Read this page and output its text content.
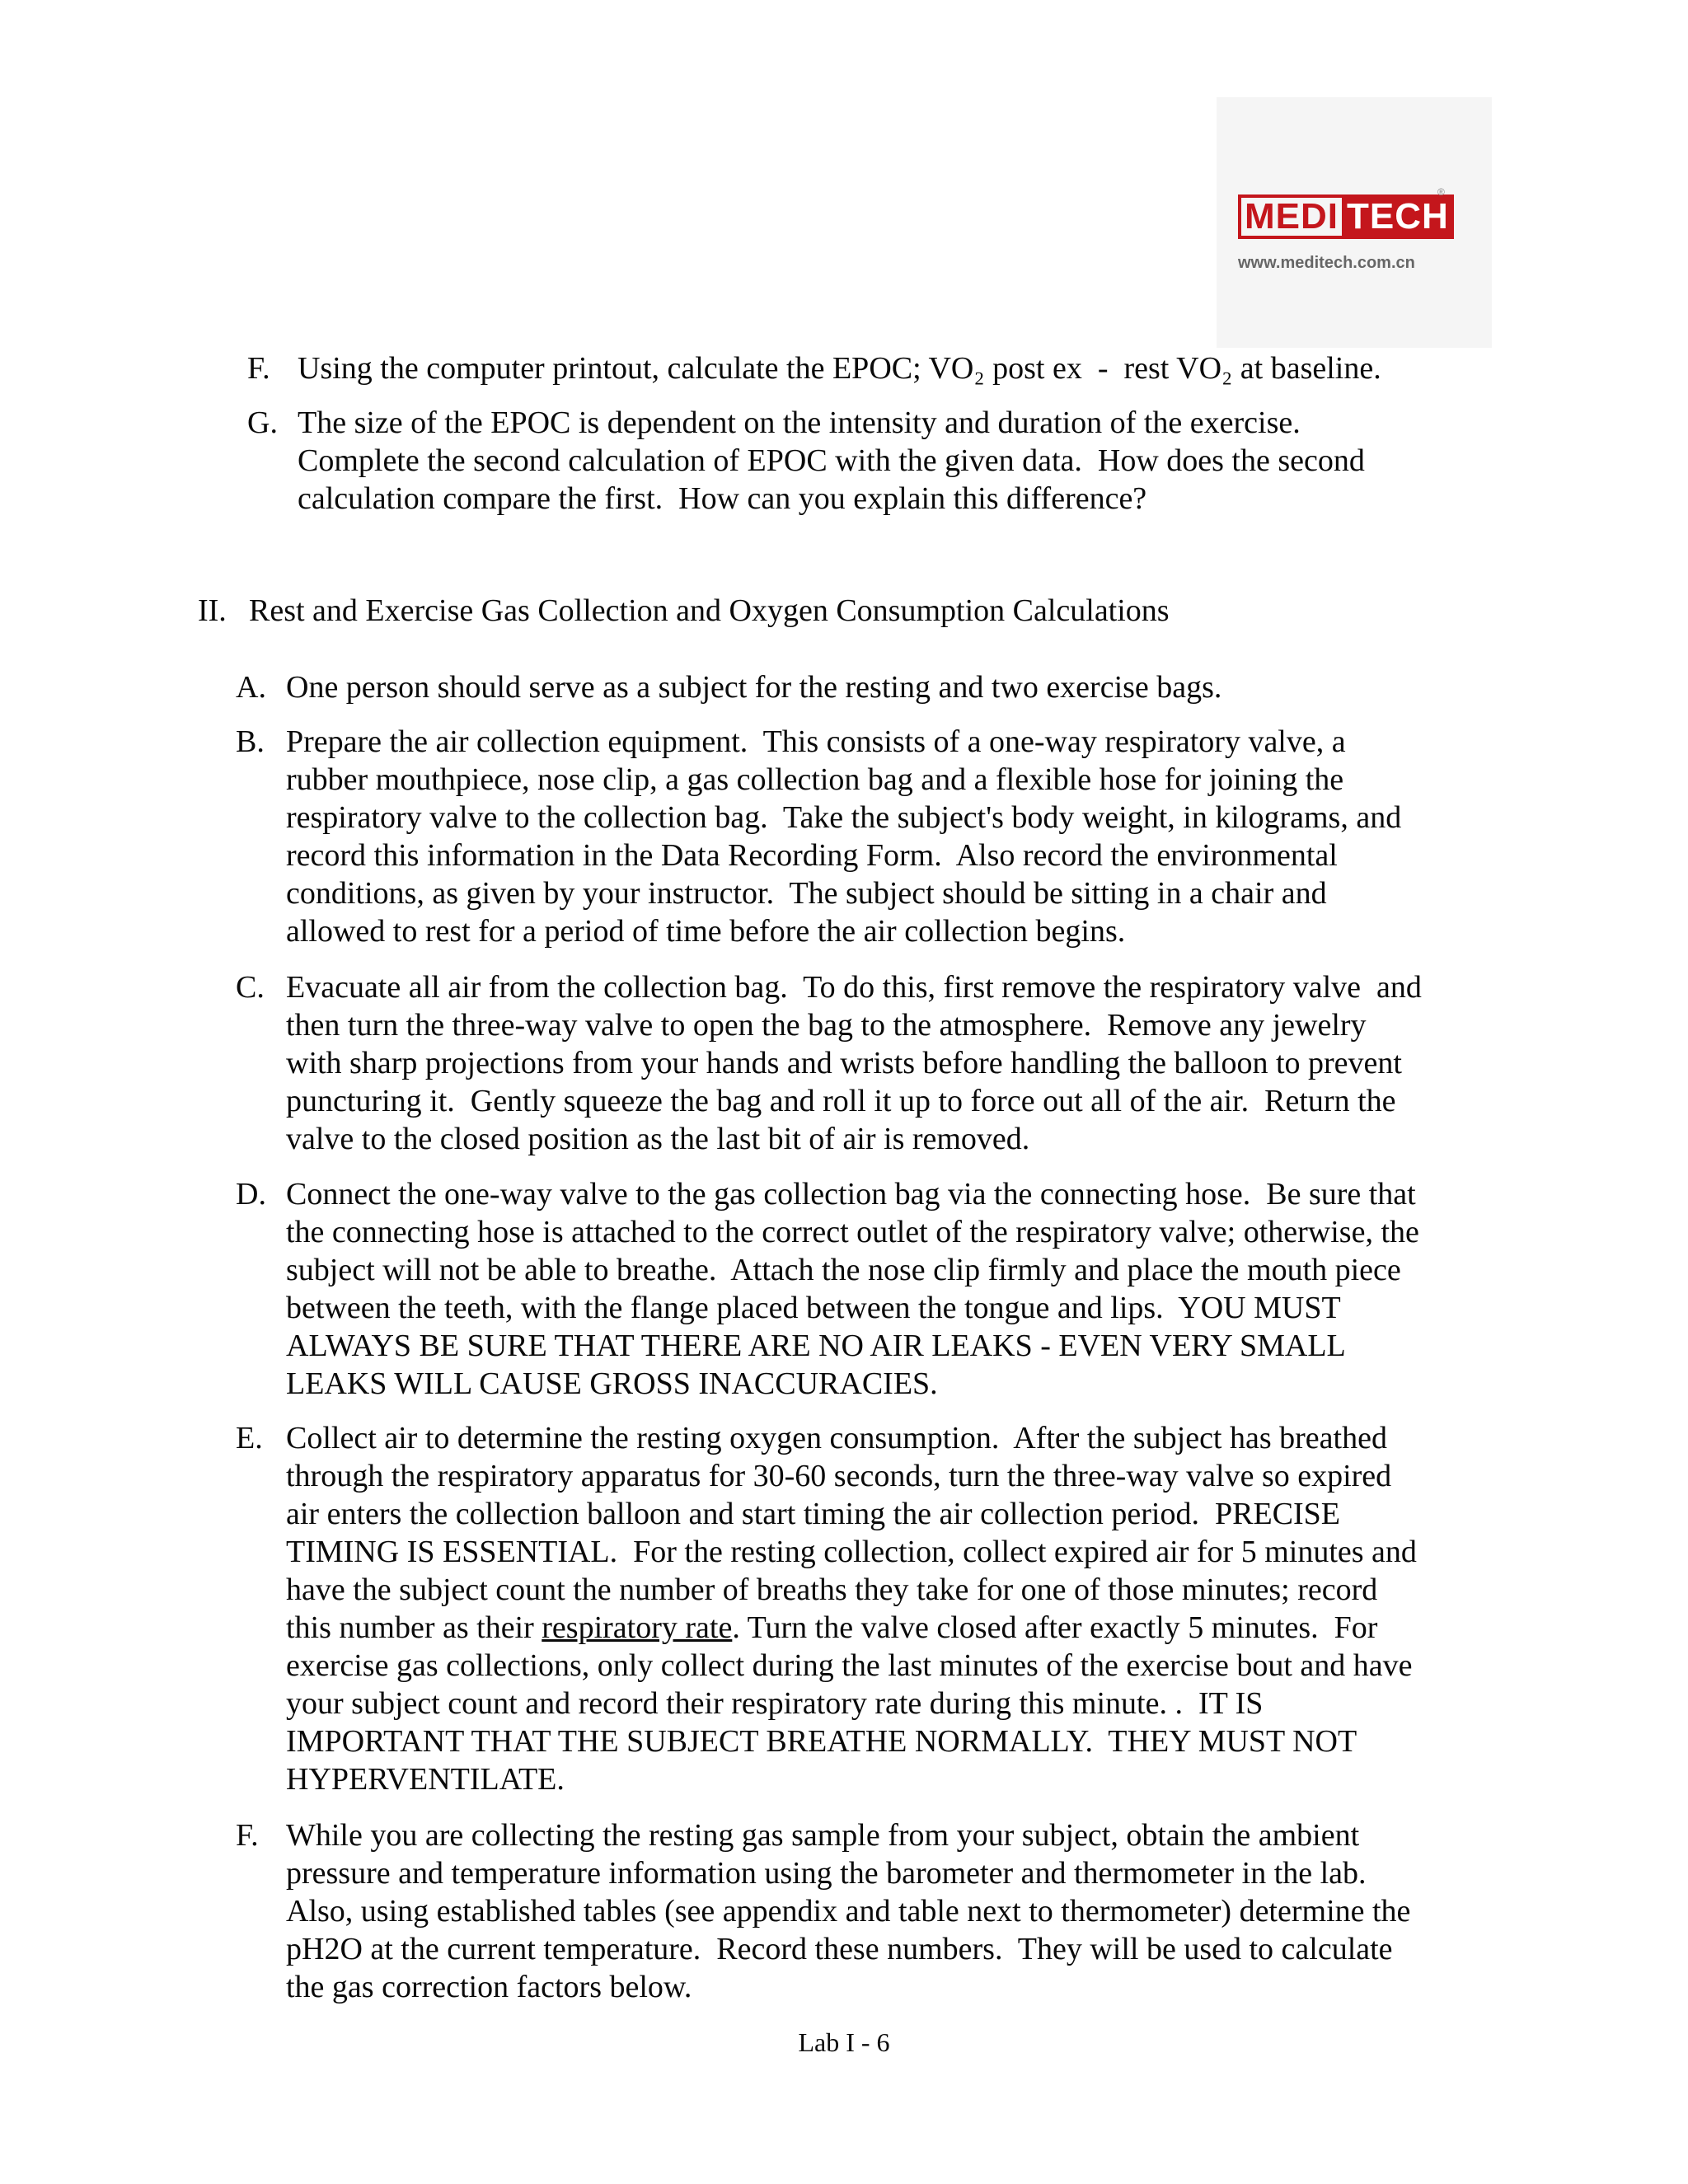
MEDI TECH
®
www.meditech.com.cn
F. Using the computer printout, calculate the EPOC; VO₂ post ex  -  rest VO₂ at baseline.
G. The size of the EPOC is dependent on the intensity and duration of the exercise.
Complete the second calculation of EPOC with the given data.  How does the second
calculation compare the first.  How can you explain this difference?
II. Rest and Exercise Gas Collection and Oxygen Consumption Calculations
A. One person should serve as a subject for the resting and two exercise bags.
B. Prepare the air collection equipment.  This consists of a one-way respiratory valve, a
rubber mouthpiece, nose clip, a gas collection bag and a flexible hose for joining the
respiratory valve to the collection bag.  Take the subject's body weight, in kilograms, and
record this information in the Data Recording Form.  Also record the environmental
conditions, as given by your instructor.  The subject should be sitting in a chair and
allowed to rest for a period of time before the air collection begins.
C. Evacuate all air from the collection bag.  To do this, first remove the respiratory valve  and
then turn the three-way valve to open the bag to the atmosphere.  Remove any jewelry
with sharp projections from your hands and wrists before handling the balloon to prevent
puncturing it.  Gently squeeze the bag and roll it up to force out all of the air.  Return the
valve to the closed position as the last bit of air is removed.
D. Connect the one-way valve to the gas collection bag via the connecting hose.  Be sure that
the connecting hose is attached to the correct outlet of the respiratory valve; otherwise, the
subject will not be able to breathe.  Attach the nose clip firmly and place the mouth piece
between the teeth, with the flange placed between the tongue and lips.  YOU MUST
ALWAYS BE SURE THAT THERE ARE NO AIR LEAKS - EVEN VERY SMALL
LEAKS WILL CAUSE GROSS INACCURACIES.
E. Collect air to determine the resting oxygen consumption.  After the subject has breathed
through the respiratory apparatus for 30-60 seconds, turn the three-way valve so expired
air enters the collection balloon and start timing the air collection period.  PRECISE
TIMING IS ESSENTIAL.  For the resting collection, collect expired air for 5 minutes and
have the subject count the number of breaths they take for one of those minutes; record
this number as their respiratory rate. Turn the valve closed after exactly 5 minutes.  For
exercise gas collections, only collect during the last minutes of the exercise bout and have
your subject count and record their respiratory rate during this minute. .  IT IS
IMPORTANT THAT THE SUBJECT BREATHE NORMALLY.  THEY MUST NOT
HYPERVENTILATE.
F. While you are collecting the resting gas sample from your subject, obtain the ambient
pressure and temperature information using the barometer and thermometer in the lab.
Also, using established tables (see appendix and table next to thermometer) determine the
pH2O at the current temperature.  Record these numbers.  They will be used to calculate
the gas correction factors below.
Lab I - 6
